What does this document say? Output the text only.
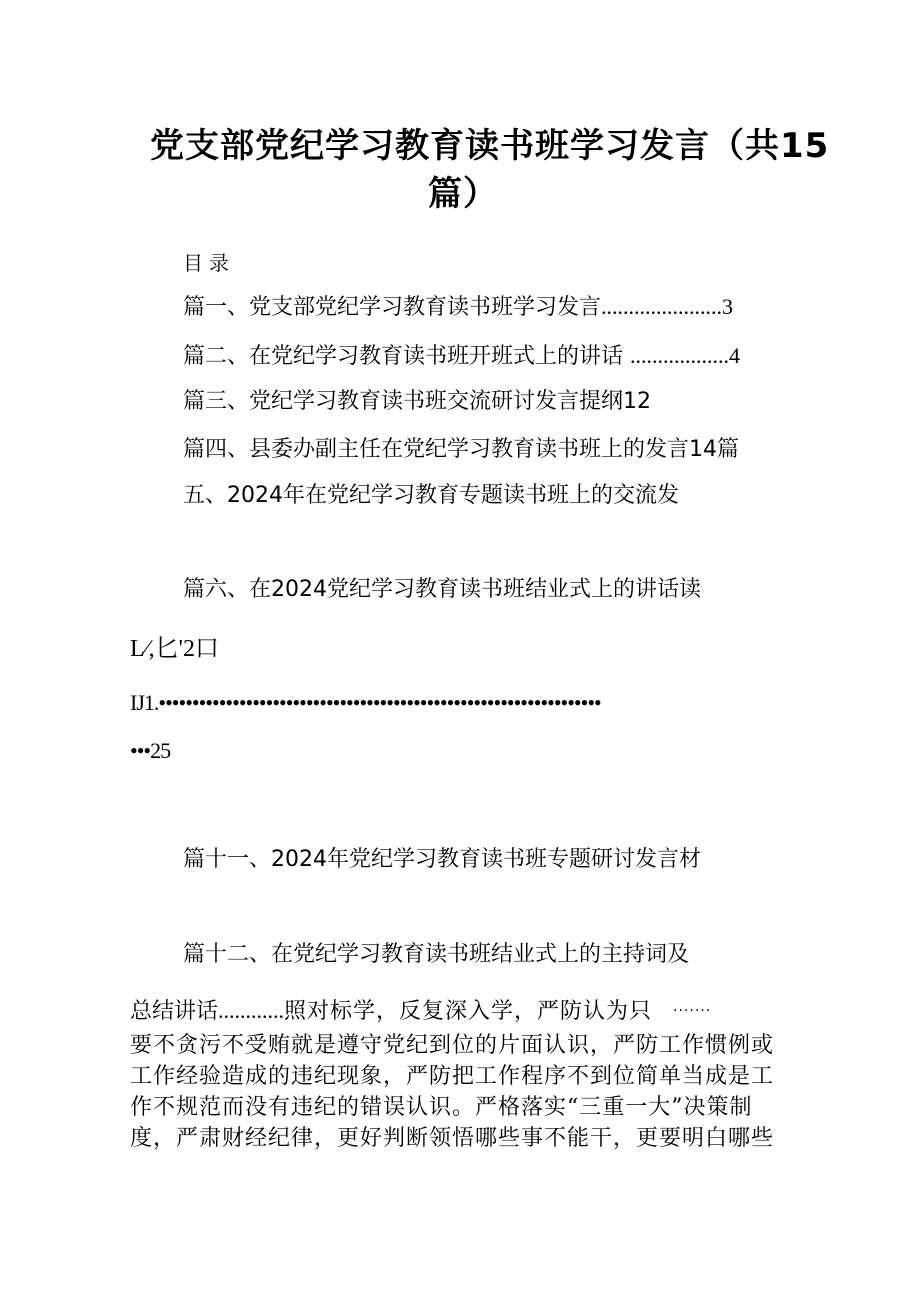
党支部党纪学习教育读书班学习发言（共15
篇）
目录
篇一、党支部党纪学习教育读书班学习发言......................3
篇二、在党纪学习教育读书班开班式上的讲话 ..................4
篇三、党纪学习教育读书班交流研讨发言提纲12
篇四、县委办副主任在党纪学习教育读书班上的发言14篇
五、2024年在党纪学习教育专题读书班上的交流发
篇六、在2024党纪学习教育读书班结业式上的讲话读
L∕,匕'2口
IJ1.••••••••••••••••••••••••••••••••••••••••••••••••••••••••••••••••••
•••25
篇十一、2024年党纪学习教育读书班专题研讨发言材
篇十二、在党纪学习教育读书班结业式上的主持词及
总结讲话............照对标学，反复深入学，严防认为只 ·······
要不贪污不受贿就是遵守党纪到位的片面认识，严防工作惯例或
工作经验造成的违纪现象，严防把工作程序不到位简单当成是工
作不规范而没有违纪的错误认识。严格落实“三重一大”决策制
度，严肃财经纪律，更好判断领悟哪些事不能干，更要明白哪些
